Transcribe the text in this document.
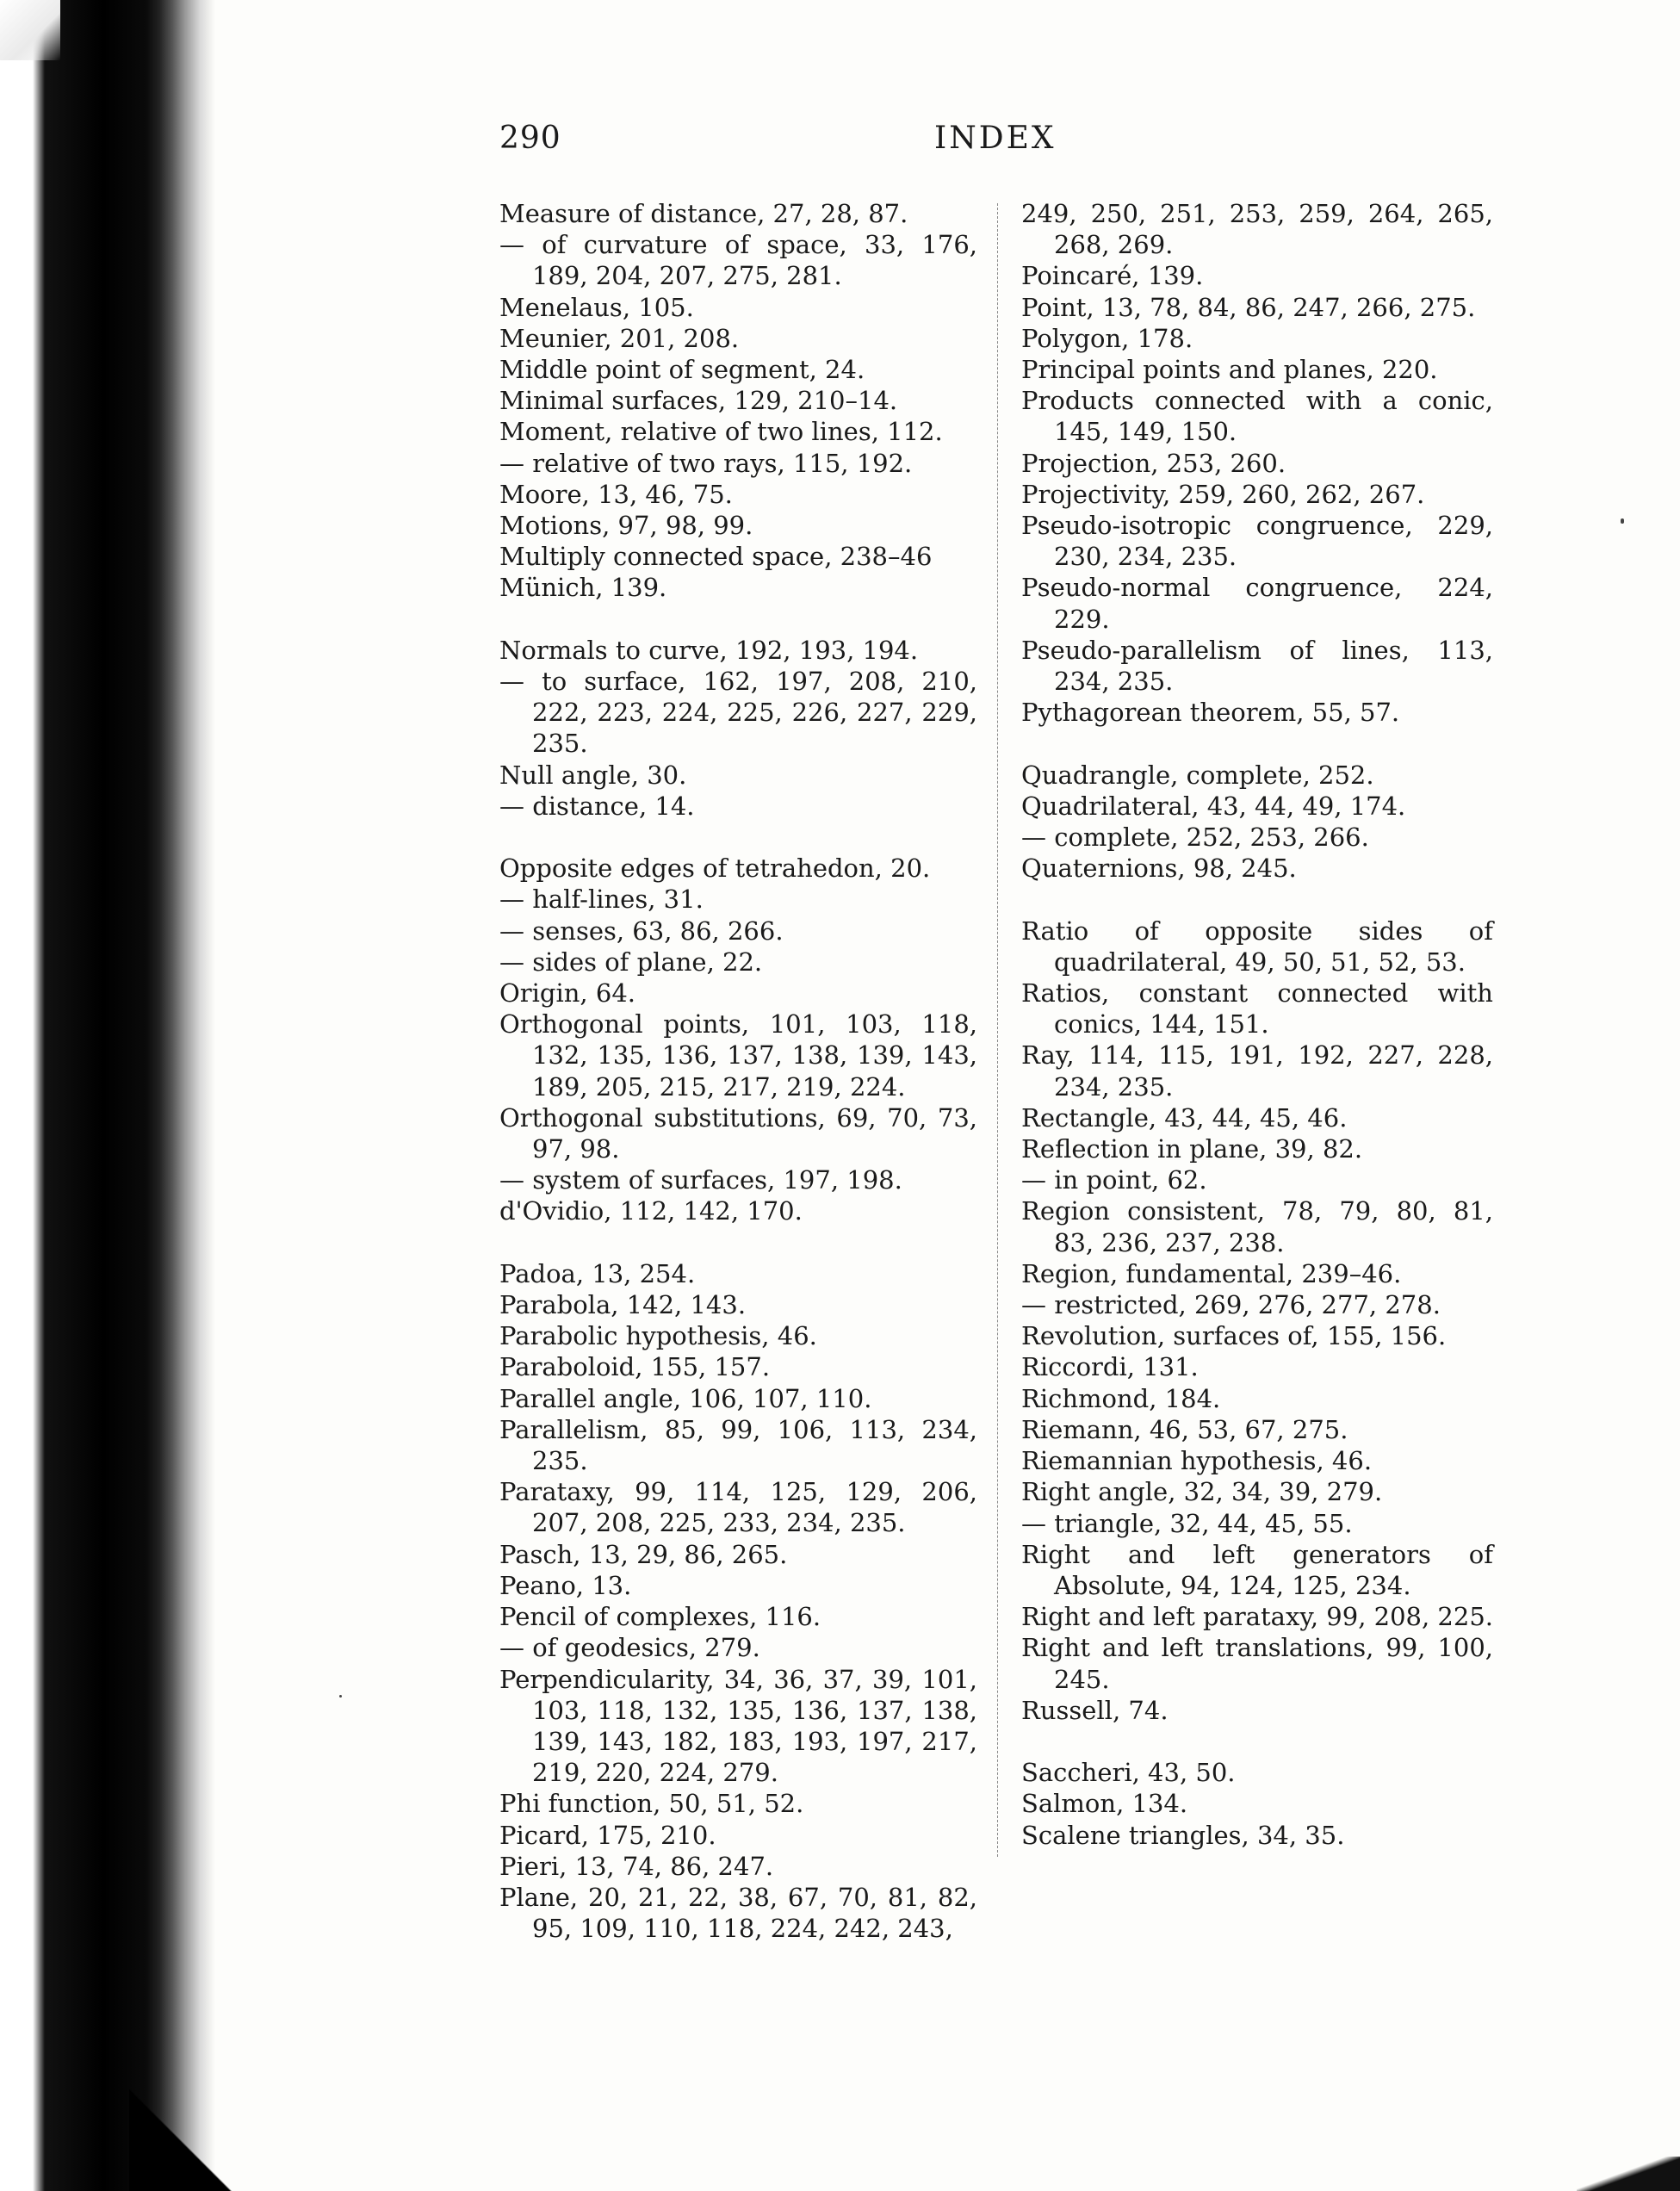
290	INDEX
Measure of distance, 27, 28, 87.
— of curvature of space, 33, 176, 189, 204, 207, 275, 281.
Menelaus, 105.
Meunier, 201, 208.
Middle point of segment, 24.
Minimal surfaces, 129, 210–14.
Moment, relative of two lines, 112.
— relative of two rays, 115, 192.
Moore, 13, 46, 75.
Motions, 97, 98, 99.
Multiply connected space, 238–46
Münich, 139.
Normals to curve, 192, 193, 194.
— to surface, 162, 197, 208, 210, 222, 223, 224, 225, 226, 227, 229, 235.
Null angle, 30.
— distance, 14.
Opposite edges of tetrahedon, 20.
— half-lines, 31.
— senses, 63, 86, 266.
— sides of plane, 22.
Origin, 64.
Orthogonal points, 101, 103, 118, 132, 135, 136, 137, 138, 139, 143, 189, 205, 215, 217, 219, 224.
Orthogonal substitutions, 69, 70, 73, 97, 98.
— system of surfaces, 197, 198.
d'Ovidio, 112, 142, 170.
Padoa, 13, 254.
Parabola, 142, 143.
Parabolic hypothesis, 46.
Paraboloid, 155, 157.
Parallel angle, 106, 107, 110.
Parallelism, 85, 99, 106, 113, 234, 235.
Parataxy, 99, 114, 125, 129, 206, 207, 208, 225, 233, 234, 235.
Pasch, 13, 29, 86, 265.
Peano, 13.
Pencil of complexes, 116.
— of geodesics, 279.
Perpendicularity, 34, 36, 37, 39, 101, 103, 118, 132, 135, 136, 137, 138, 139, 143, 182, 183, 193, 197, 217, 219, 220, 224, 279.
Phi function, 50, 51, 52.
Picard, 175, 210.
Pieri, 13, 74, 86, 247.
Plane, 20, 21, 22, 38, 67, 70, 81, 82, 95, 109, 110, 118, 224, 242, 243,
249, 250, 251, 253, 259, 264, 265, 268, 269.
Poincaré, 139.
Point, 13, 78, 84, 86, 247, 266, 275.
Polygon, 178.
Principal points and planes, 220.
Products connected with a conic, 145, 149, 150.
Projection, 253, 260.
Projectivity, 259, 260, 262, 267.
Pseudo-isotropic congruence, 229, 230, 234, 235.
Pseudo-normal congruence, 224, 229.
Pseudo-parallelism of lines, 113, 234, 235.
Pythagorean theorem, 55, 57.
Quadrangle, complete, 252.
Quadrilateral, 43, 44, 49, 174.
— complete, 252, 253, 266.
Quaternions, 98, 245.
Ratio of opposite sides of quadrilateral, 49, 50, 51, 52, 53.
Ratios, constant connected with conics, 144, 151.
Ray, 114, 115, 191, 192, 227, 228, 234, 235.
Rectangle, 43, 44, 45, 46.
Reflection in plane, 39, 82.
— in point, 62.
Region consistent, 78, 79, 80, 81, 83, 236, 237, 238.
Region, fundamental, 239–46.
— restricted, 269, 276, 277, 278.
Revolution, surfaces of, 155, 156.
Riccordi, 131.
Richmond, 184.
Riemann, 46, 53, 67, 275.
Riemannian hypothesis, 46.
Right angle, 32, 34, 39, 279.
— triangle, 32, 44, 45, 55.
Right and left generators of Absolute, 94, 124, 125, 234.
Right and left parataxy, 99, 208, 225.
Right and left translations, 99, 100, 245.
Russell, 74.
Saccheri, 43, 50.
Salmon, 134.
Scalene triangles, 34, 35.
